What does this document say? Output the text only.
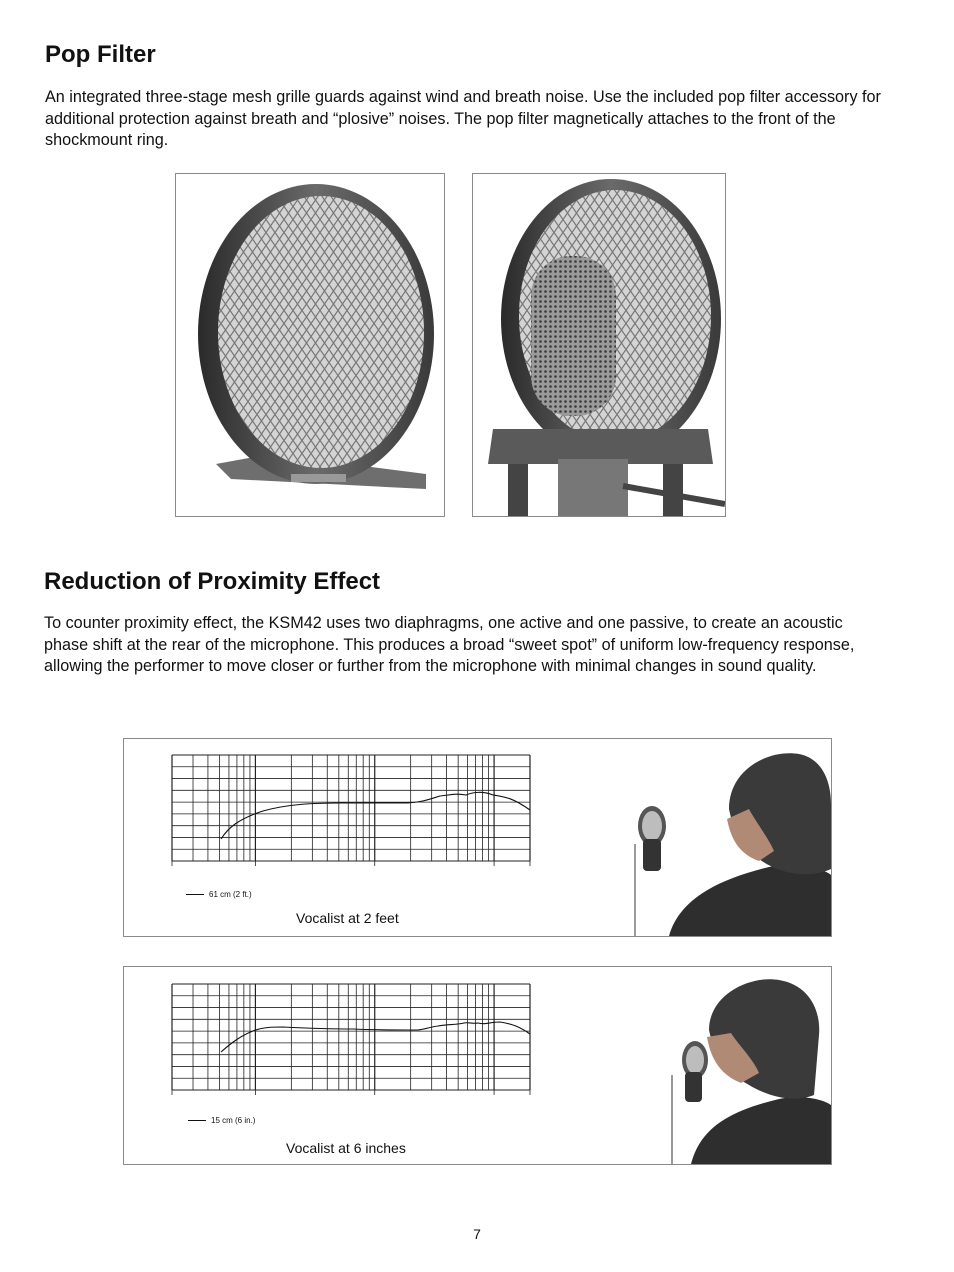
Pop Filter

An integrated three-stage mesh grille guards against wind and breath noise. Use the included pop filter accessory for additional protection against breath and “plosive” noises. The pop filter magnetically attaches to the front of the shockmount ring.

Reduction of Proximity Effect

To counter proximity effect, the KSM42 uses two diaphragms, one active and one passive, to create an acoustic phase shift at the rear of the microphone. This produces a broad “sweet spot” of uniform low-frequency response, allowing the performer to move closer or further from the microphone with minimal changes in sound quality.

61 cm (2 ft.)
Vocalist at 2 feet
15 cm (6 in.)
Vocalist at 6 inches
7
